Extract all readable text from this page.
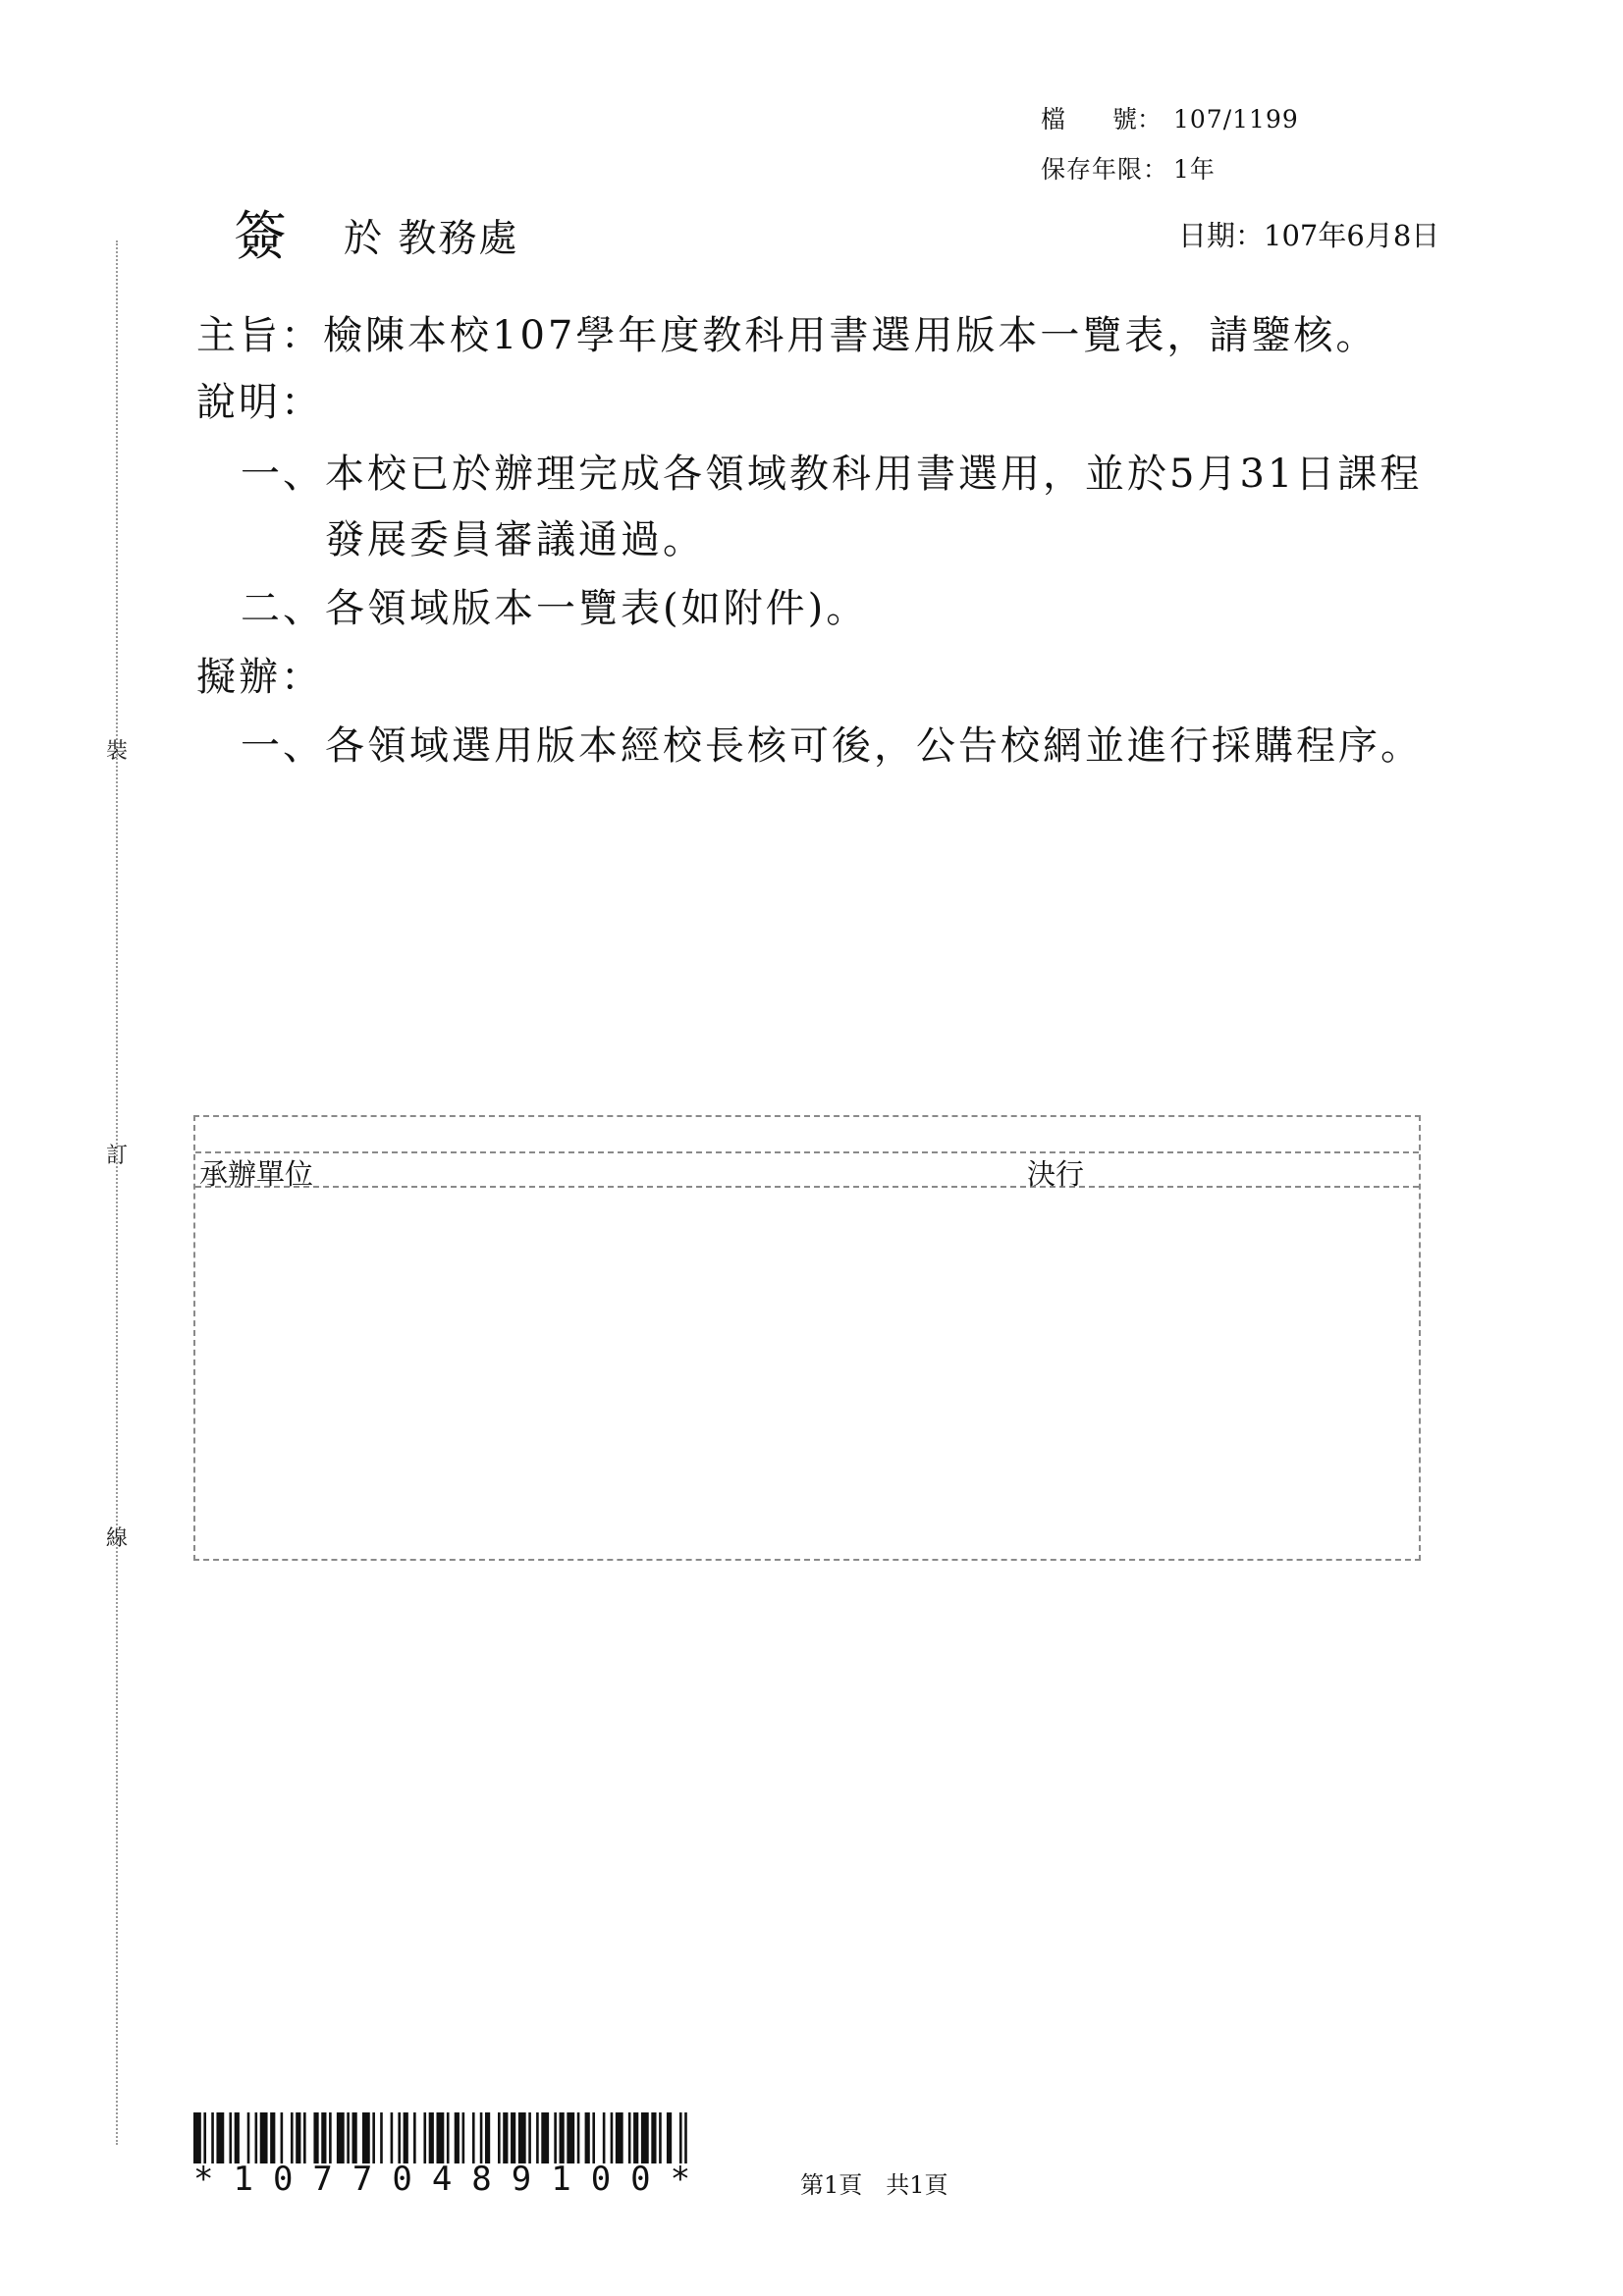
裝
訂
線
檔 號： 107/1199
保存年限： 1年
簽 於 教務處	日期：107年6月8日
主旨：檢陳本校107學年度教科用書選用版本一覽表，請鑒核。
說明：
一、本校已於辦理完成各領域教科用書選用，並於5月31日課程
發展委員審議通過。
二、各領域版本一覽表(如附件)。
擬辦：
一、各領域選用版本經校長核可後，公告校網並進行採購程序。
承辦單位	決行
*10770489100*	第1頁　共1頁
